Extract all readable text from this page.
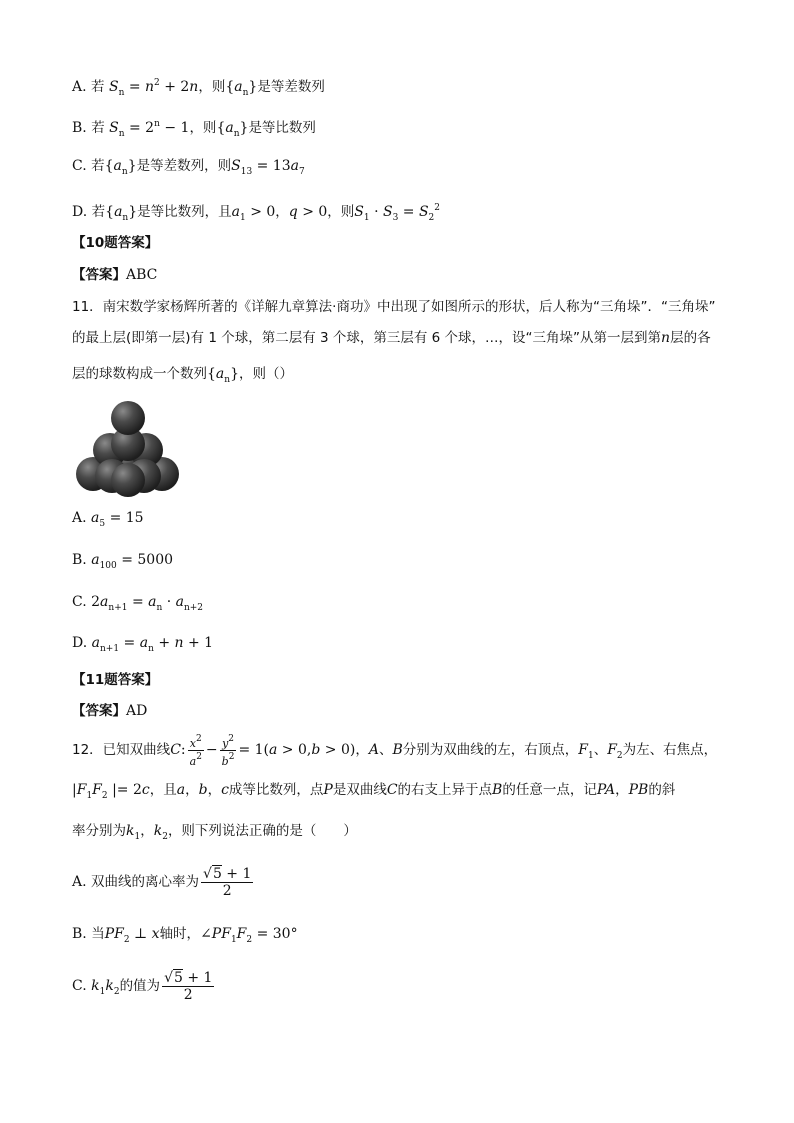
A. 若 $S_n = n^2 + 2n$，则$\{a_n\}$是等差数列
B. 若 $S_n = 2^n - 1$，则$\{a_n\}$是等比数列
C. 若$\{a_n\}$是等差数列，则$S_{13} = 13a_7$
D. 若$\{a_n\}$是等比数列，且$a_1 > 0$，q > 0，则$S_1 \cdot S_3 = S_2^2$
【10题答案】
【答案】ABC
11．南宋数学家杨辉所著的《详解九章算法·商功》中出现了如图所示的形状，后人称为“三角垛”．“三角垛”
的最上层(即第一层)有 1 个球，第二层有 3 个球，第三层有 6 个球，…，设“三角垛”从第一层到第n层的各
层的球数构成一个数列$\{a_n\}$，则（）
A. $a_5 = 15$
B. $a_{100} = 5000$
C. $2a_{n+1} = a_n \cdot a_{n+2}$
D. $a_{n+1} = a_n + n + 1$
【11题答案】
【答案】AD
12．已知双曲线C: $\frac{x^2}{a^2} - \frac{y^2}{b^2} = 1(a > 0,b > 0)$，A、B分别为双曲线的左，右顶点，$F_1$、$F_2$为左、右焦点，
$|F_1F_2$ |= 2c，且a，b，c成等比数列，点P是双曲线C的右支上异于点B的任意一点，记PA，PB的斜
率分别为$k_1$，$k_2$，则下列说法正确的是（　　）
A. 双曲线的离心率为 $\frac{√5 + 1}{2}$
B. 当$PF_2$ ⊥ x轴时，$\angle PF_1F_2 = 30^\circ$
C. $k_1k_2$的值为 $\frac{√5 + 1}{2}$
